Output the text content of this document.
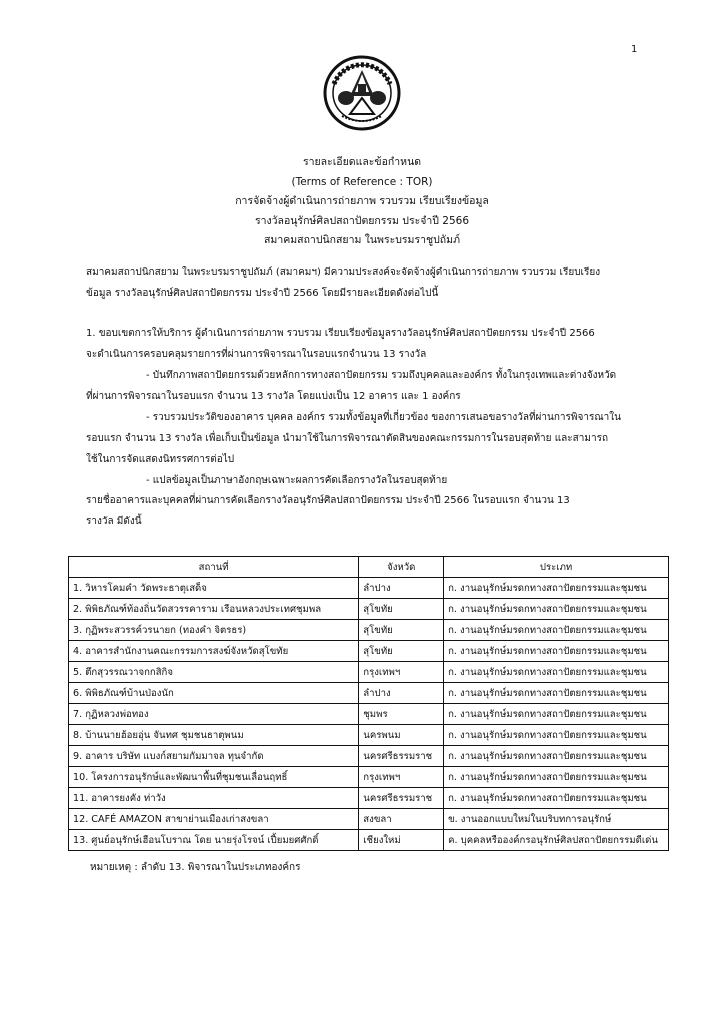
1
รายละเอียดและข้อกำหนด
(Terms of Reference : TOR)
การจัดจ้างผู้ดำเนินการถ่ายภาพ รวบรวม เรียบเรียงข้อมูล
รางวัลอนุรักษ์ศิลปสถาปัตยกรรม ประจำปี 2566
สมาคมสถาปนิกสยาม ในพระบรมราชูปถัมภ์
สมาคมสถาปนิกสยาม ในพระบรมราชูปถัมภ์ (สมาคมฯ) มีความประสงค์จะจัดจ้างผู้ดำเนินการถ่ายภาพ รวบรวม เรียบเรียง
ข้อมูล รางวัลอนุรักษ์ศิลปสถาปัตยกรรม ประจำปี 2566 โดยมีรายละเอียดดังต่อไปนี้
1. ขอบเขตการให้บริการ ผู้ดำเนินการถ่ายภาพ รวบรวม เรียบเรียงข้อมูลรางวัลอนุรักษ์ศิลปสถาปัตยกรรม ประจำปี 2566
จะดำเนินการครอบคลุมรายการที่ผ่านการพิจารณาในรอบแรกจำนวน 13 รางวัล
- บันทึกภาพสถาปัตยกรรมด้วยหลักการทางสถาปัตยกรรม รวมถึงบุคคลและองค์กร ทั้งในกรุงเทพและต่างจังหวัด
ที่ผ่านการพิจารณาในรอบแรก จำนวน 13 รางวัล โดยแบ่งเป็น 12 อาคาร และ 1 องค์กร
- รวบรวมประวัติของอาคาร บุคคล องค์กร รวมทั้งข้อมูลที่เกี่ยวข้อง ของการเสนอขอรางวัลที่ผ่านการพิจารณาใน
รอบแรก จำนวน 13 รางวัล เพื่อเก็บเป็นข้อมูล นำมาใช้ในการพิจารณาตัดสินของคณะกรรมการในรอบสุดท้าย และสามารถ
ใช้ในการจัดแสดงนิทรรศการต่อไป
- แปลข้อมูลเป็นภาษาอังกฤษเฉพาะผลการคัดเลือกรางวัลในรอบสุดท้าย
รายชื่ออาคารและบุคคลที่ผ่านการคัดเลือกรางวัลอนุรักษ์ศิลปสถาปัตยกรรม ประจำปี 2566 ในรอบแรก จำนวน 13
รางวัล มีดังนี้
สถานที่	จังหวัด	ประเภท
1. วิหารโคมคำ วัดพระธาตุเสด็จ	ลำปาง	ก. งานอนุรักษ์มรดกทางสถาปัตยกรรมและชุมชน
2. พิพิธภัณฑ์ท้องถิ่นวัดสวรรคาราม เรือนหลวงประเทศชุมพล	สุโขทัย	ก. งานอนุรักษ์มรดกทางสถาปัตยกรรมและชุมชน
3. กุฏิพระสวรรค์วรนายก (ทองคำ จิตรธร)	สุโขทัย	ก. งานอนุรักษ์มรดกทางสถาปัตยกรรมและชุมชน
4. อาคารสำนักงานคณะกรรมการสงฆ์จังหวัดสุโขทัย	สุโขทัย	ก. งานอนุรักษ์มรดกทางสถาปัตยกรรมและชุมชน
5. ตึกสุวรรณวาจกกสิกิจ	กรุงเทพฯ	ก. งานอนุรักษ์มรดกทางสถาปัตยกรรมและชุมชน
6. พิพิธภัณฑ์บ้านป่องนัก	ลำปาง	ก. งานอนุรักษ์มรดกทางสถาปัตยกรรมและชุมชน
7. กุฏิหลวงพ่อทอง	ชุมพร	ก. งานอนุรักษ์มรดกทางสถาปัตยกรรมและชุมชน
8. บ้านนายฮ้อยอุ่น จันทศ ชุมชนธาตุพนม	นครพนม	ก. งานอนุรักษ์มรดกทางสถาปัตยกรรมและชุมชน
9. อาคาร บริษัท แบงก์สยามกัมมาจล ทุนจำกัด	นครศรีธรรมราช	ก. งานอนุรักษ์มรดกทางสถาปัตยกรรมและชุมชน
10. โครงการอนุรักษ์และพัฒนาพื้นที่ชุมชนเลื่อนฤทธิ์	กรุงเทพฯ	ก. งานอนุรักษ์มรดกทางสถาปัตยกรรมและชุมชน
11. อาคารยงคัง ท่าวัง	นครศรีธรรมราช	ก. งานอนุรักษ์มรดกทางสถาปัตยกรรมและชุมชน
12. CAFÉ AMAZON สาขาย่านเมืองเก่าสงขลา	สงขลา	ข. งานออกแบบใหม่ในบริบทการอนุรักษ์
13. ศูนย์อนุรักษ์เฮือนโบราณ โดย นายรุ่งโรจน์ เปี้ยมยศศักดิ์	เชียงใหม่	ค. บุคคลหรือองค์กรอนุรักษ์ศิลปสถาปัตยกรรมดีเด่น
หมายเหตุ : ลำดับ 13. พิจารณาในประเภทองค์กร
